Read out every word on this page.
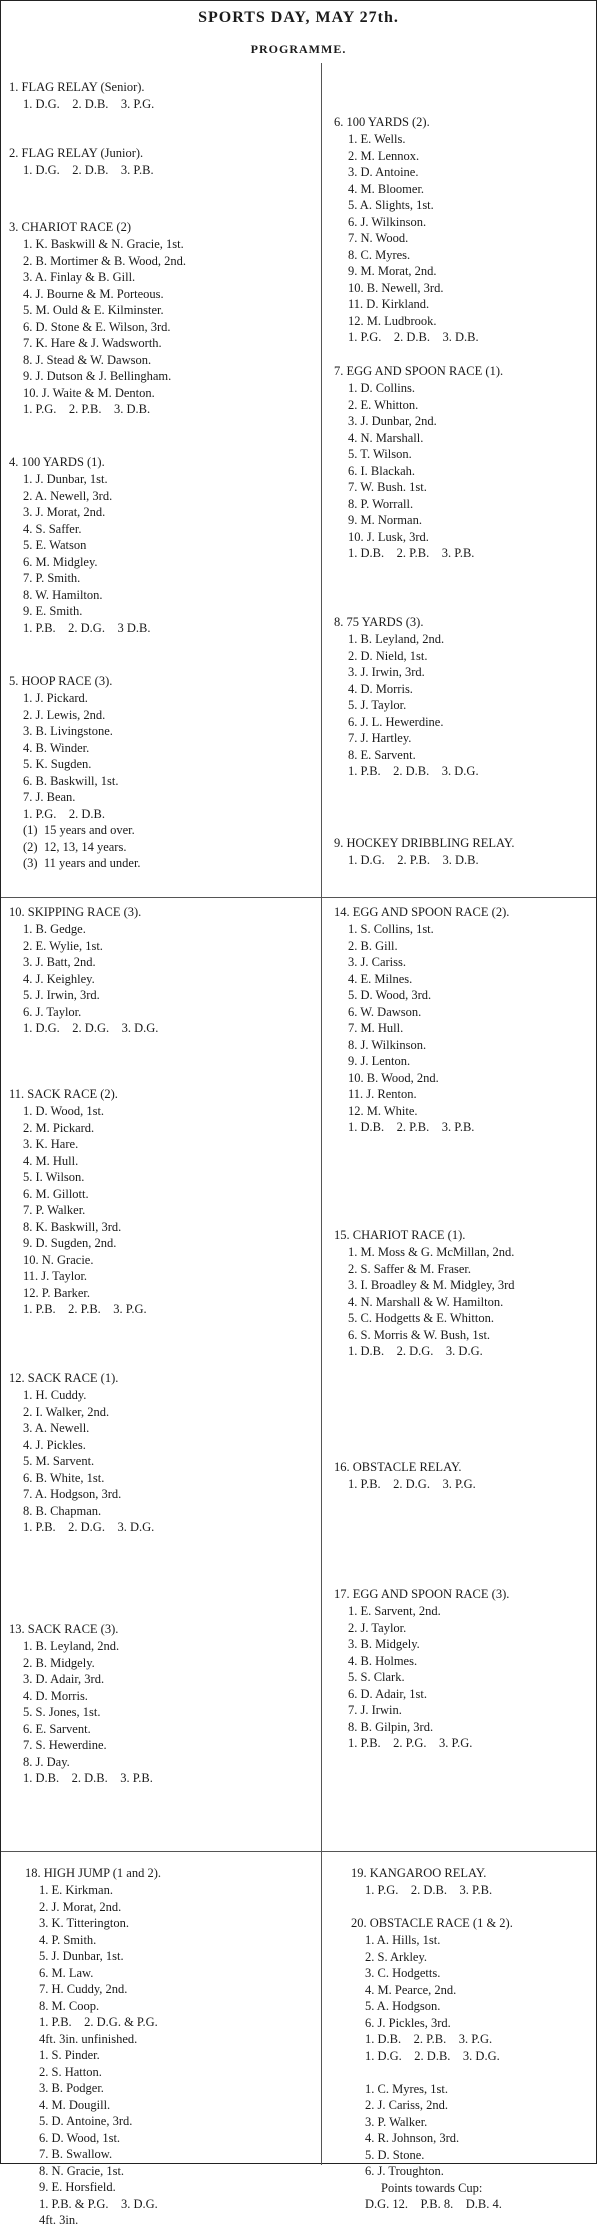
SPORTS DAY, MAY 27th.
PROGRAMME.
1. FLAG RELAY (Senior).
1. D.G.    2. D.B.    3. P.G.
2. FLAG RELAY (Junior).
1. D.G.    2. D.B.    3. P.B.
3. CHARIOT RACE (2)
1. K. Baskwill & N. Gracie, 1st.
2. B. Mortimer & B. Wood, 2nd.
3. A. Finlay & B. Gill.
4. J. Bourne & M. Porteous.
5. M. Ould & E. Kilminster.
6. D. Stone & E. Wilson, 3rd.
7. K. Hare & J. Wadsworth.
8. J. Stead & W. Dawson.
9. J. Dutson & J. Bellingham.
10. J. Waite & M. Denton.
1. P.G.    2. P.B.    3. D.B.
4. 100 YARDS (1).
1. J. Dunbar, 1st.
2. A. Newell, 3rd.
3. J. Morat, 2nd.
4. S. Saffer.
5. E. Watson
6. M. Midgley.
7. P. Smith.
8. W. Hamilton.
9. E. Smith.
1. P.B.    2. D.G.    3 D.B.
5. HOOP RACE (3).
1. J. Pickard.
2. J. Lewis, 2nd.
3. B. Livingstone.
4. B. Winder.
5. K. Sugden.
6. B. Baskwill, 1st.
7. J. Bean.
1. P.G.    2. D.B.
(1)  15 years and over.
(2)  12, 13, 14 years.
(3)  11 years and under.
6. 100 YARDS (2).
1. E. Wells.
2. M. Lennox.
3. D. Antoine.
4. M. Bloomer.
5. A. Slights, 1st.
6. J. Wilkinson.
7. N. Wood.
8. C. Myres.
9. M. Morat, 2nd.
10. B. Newell, 3rd.
11. D. Kirkland.
12. M. Ludbrook.
1. P.G.    2. D.B.    3. D.B.
7. EGG AND SPOON RACE (1).
1. D. Collins.
2. E. Whitton.
3. J. Dunbar, 2nd.
4. N. Marshall.
5. T. Wilson.
6. I. Blackah.
7. W. Bush. 1st.
8. P. Worrall.
9. M. Norman.
10. J. Lusk, 3rd.
1. D.B.    2. P.B.    3. P.B.
8. 75 YARDS (3).
1. B. Leyland, 2nd.
2. D. Nield, 1st.
3. J. Irwin, 3rd.
4. D. Morris.
5. J. Taylor.
6. J. L. Hewerdine.
7. J. Hartley.
8. E. Sarvent.
1. P.B.    2. D.B.    3. D.G.
9. HOCKEY DRIBBLING RELAY.
1. D.G.    2. P.B.    3. D.B.
10. SKIPPING RACE (3).
1. B. Gedge.
2. E. Wylie, 1st.
3. J. Batt, 2nd.
4. J. Keighley.
5. J. Irwin, 3rd.
6. J. Taylor.
1. D.G.    2. D.G.    3. D.G.
11. SACK RACE (2).
1. D. Wood, 1st.
2. M. Pickard.
3. K. Hare.
4. M. Hull.
5. I. Wilson.
6. M. Gillott.
7. P. Walker.
8. K. Baskwill, 3rd.
9. D. Sugden, 2nd.
10. N. Gracie.
11. J. Taylor.
12. P. Barker.
1. P.B.    2. P.B.    3. P.G.
12. SACK RACE (1).
1. H. Cuddy.
2. I. Walker, 2nd.
3. A. Newell.
4. J. Pickles.
5. M. Sarvent.
6. B. White, 1st.
7. A. Hodgson, 3rd.
8. B. Chapman.
1. P.B.    2. D.G.    3. D.G.
13. SACK RACE (3).
1. B. Leyland, 2nd.
2. B. Midgely.
3. D. Adair, 3rd.
4. D. Morris.
5. S. Jones, 1st.
6. E. Sarvent.
7. S. Hewerdine.
8. J. Day.
1. D.B.    2. D.B.    3. P.B.
14. EGG AND SPOON RACE (2).
1. S. Collins, 1st.
2. B. Gill.
3. J. Cariss.
4. E. Milnes.
5. D. Wood, 3rd.
6. W. Dawson.
7. M. Hull.
8. J. Wilkinson.
9. J. Lenton.
10. B. Wood, 2nd.
11. J. Renton.
12. M. White.
1. D.B.    2. P.B.    3. P.B.
15. CHARIOT RACE (1).
1. M. Moss & G. McMillan, 2nd.
2. S. Saffer & M. Fraser.
3. I. Broadley & M. Midgley, 3rd
4. N. Marshall & W. Hamilton.
5. C. Hodgetts & E. Whitton.
6. S. Morris & W. Bush, 1st.
1. D.B.    2. D.G.    3. D.G.
16. OBSTACLE RELAY.
1. P.B.    2. D.G.    3. P.G.
17. EGG AND SPOON RACE (3).
1. E. Sarvent, 2nd.
2. J. Taylor.
3. B. Midgely.
4. B. Holmes.
5. S. Clark.
6. D. Adair, 1st.
7. J. Irwin.
8. B. Gilpin, 3rd.
1. P.B.    2. P.G.    3. P.G.
18. HIGH JUMP (1 and 2).
1. E. Kirkman.
2. J. Morat, 2nd.
3. K. Titterington.
4. P. Smith.
5. J. Dunbar, 1st.
6. M. Law.
7. H. Cuddy, 2nd.
8. M. Coop.
1. P.B.    2. D.G. & P.G.
4ft. 3in. unfinished.
1. S. Pinder.
2. S. Hatton.
3. B. Podger.
4. M. Dougill.
5. D. Antoine, 3rd.
6. D. Wood, 1st.
7. B. Swallow.
8. N. Gracie, 1st.
9. E. Horsfield.
1. P.B. & P.G.    3. D.G.
4ft. 3in.
19. KANGAROO RELAY.
1. P.G.    2. D.B.    3. P.B.
20. OBSTACLE RACE (1 & 2).
1. A. Hills, 1st.
2. S. Arkley.
3. C. Hodgetts.
4. M. Pearce, 2nd.
5. A. Hodgson.
6. J. Pickles, 3rd.
1. D.B.    2. P.B.    3. P.G.
1. D.G.    2. D.B.    3. D.G.

1. C. Myres, 1st.
2. J. Cariss, 2nd.
3. P. Walker.
4. R. Johnson, 3rd.
5. D. Stone.
6. J. Troughton.
Points towards Cup:
D.G. 12.    P.B. 8.    D.B. 4.
